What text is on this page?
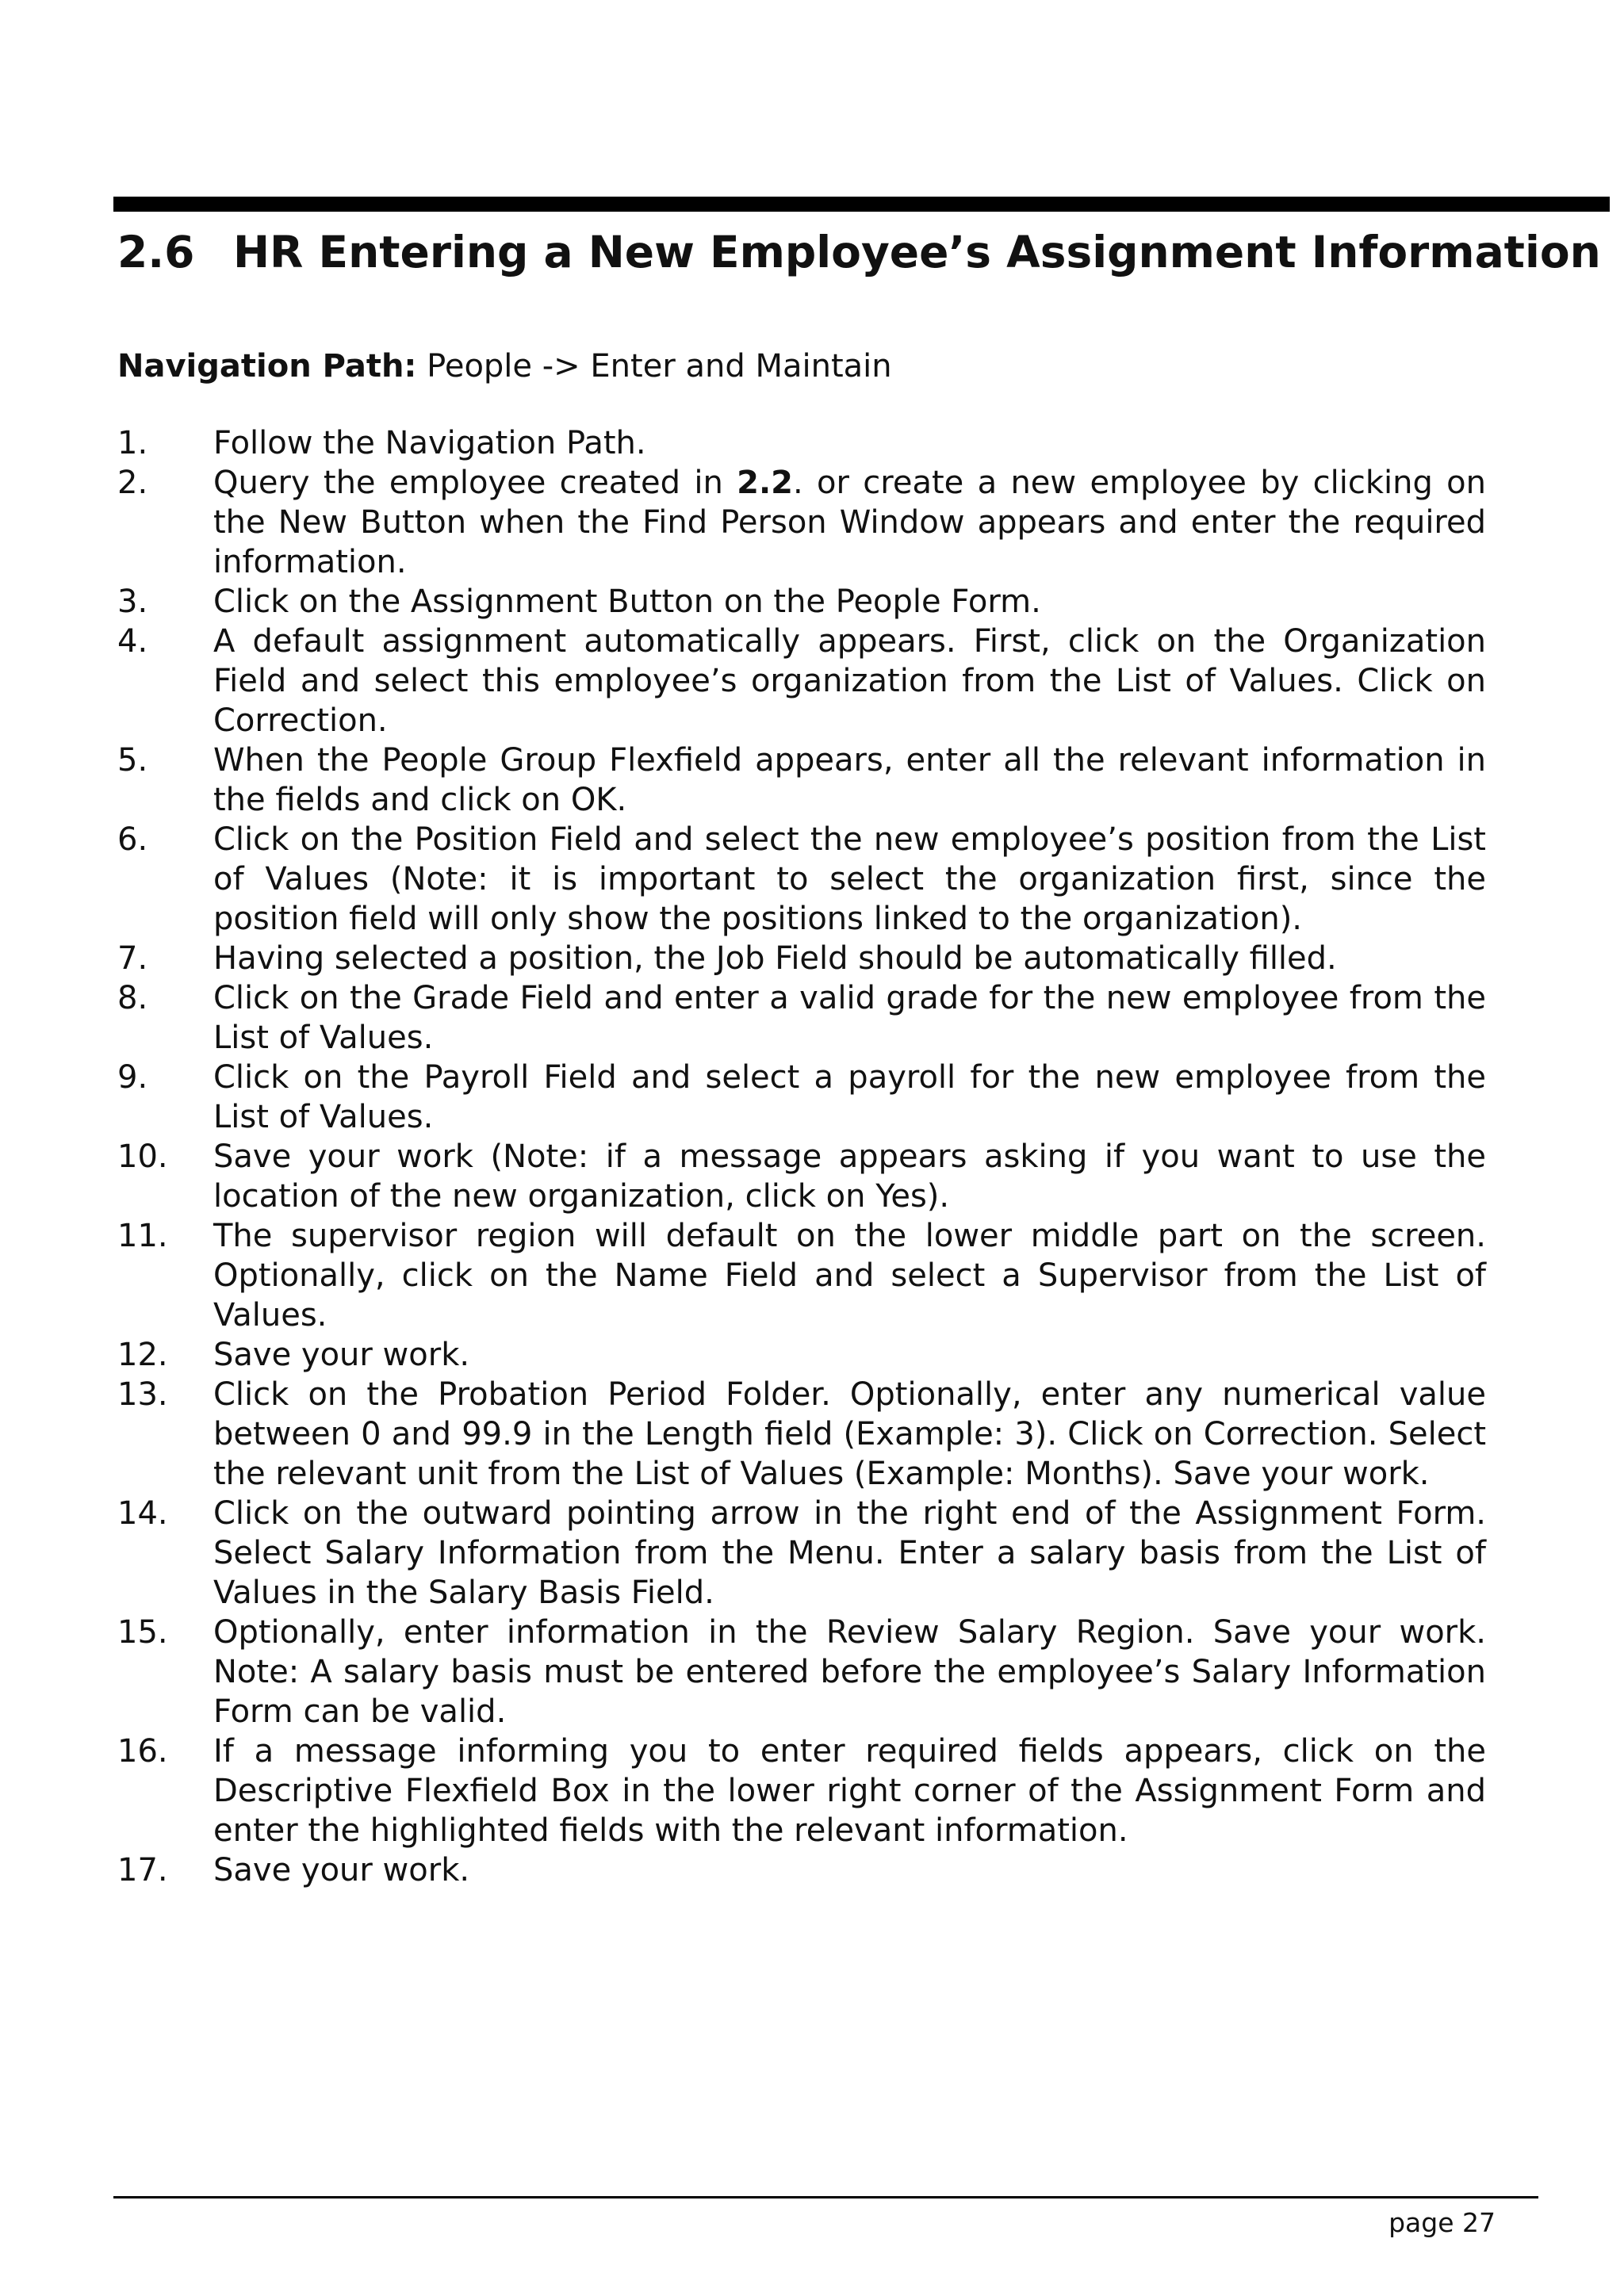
2.6 HR Entering a New Employee’s Assignment Information
Navigation Path: People -> Enter and Maintain
1. Follow the Navigation Path.
2. Query the employee created in 2.2. or create a new employee by clicking on the New Button when the Find Person Window appears and enter the required information.
3. Click on the Assignment Button on the People Form.
4. A default assignment automatically appears. First, click on the Organization Field and select this employee’s organization from the List of Values. Click on Correction.
5. When the People Group Flexfield appears, enter all the relevant information in the fields and click on OK.
6. Click on the Position Field and select the new employee’s position from the List of Values (Note: it is important to select the organization first, since the position field will only show the positions linked to the organization).
7. Having selected a position, the Job Field should be automatically filled.
8. Click on the Grade Field and enter a valid grade for the new employee from the List of Values.
9. Click on the Payroll Field and select a payroll for the new employee from the List of Values.
10. Save your work (Note: if a message appears asking if you want to use the location of the new organization, click on Yes).
11. The supervisor region will default on the lower middle part on the screen. Optionally, click on the Name Field and select a Supervisor from the List of Values.
12. Save your work.
13. Click on the Probation Period Folder. Optionally, enter any numerical value between 0 and 99.9 in the Length field (Example: 3). Click on Correction. Select the relevant unit from the List of Values (Example: Months). Save your work.
14. Click on the outward pointing arrow in the right end of the Assignment Form. Select Salary Information from the Menu. Enter a salary basis from the List of Values in the Salary Basis Field.
15. Optionally, enter information in the Review Salary Region. Save your work. Note: A salary basis must be entered before the employee’s Salary Information Form can be valid.
16. If a message informing you to enter required fields appears, click on the Descriptive Flexfield Box in the lower right corner of the Assignment Form and enter the highlighted fields with the relevant information.
17. Save your work.
page 27
